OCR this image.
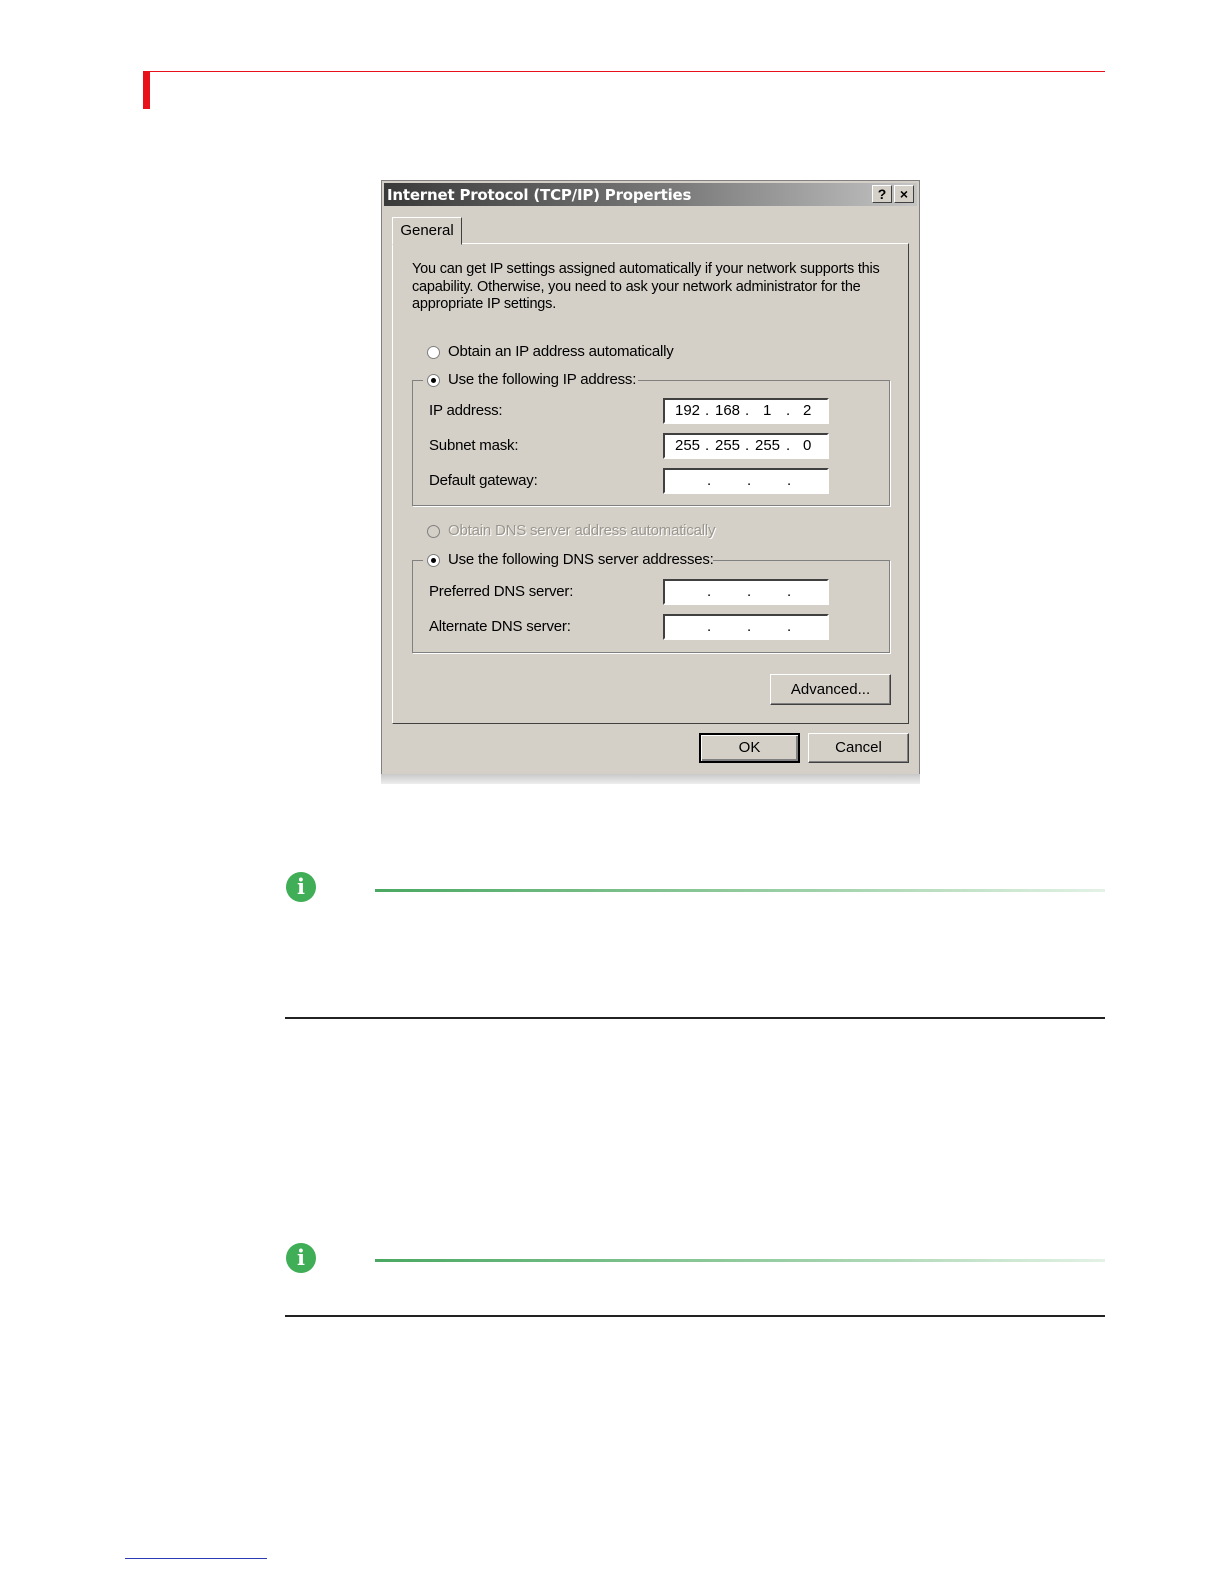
Internet Protocol (TCP/IP) Properties	? ×
General
You can get IP settings assigned automatically if your network supports this capability. Otherwise, you need to ask your network administrator for the appropriate IP settings.
Obtain an IP address automatically
Use the following IP address:
IP address:	192 . 168 . 1 . 2
Subnet mask:	255 . 255 . 255 . 0
Default gateway:	. . .
Obtain DNS server address automatically
Use the following DNS server addresses:
Preferred DNS server:	. . .
Alternate DNS server:	. . .
Advanced...
OK	Cancel
i
i
